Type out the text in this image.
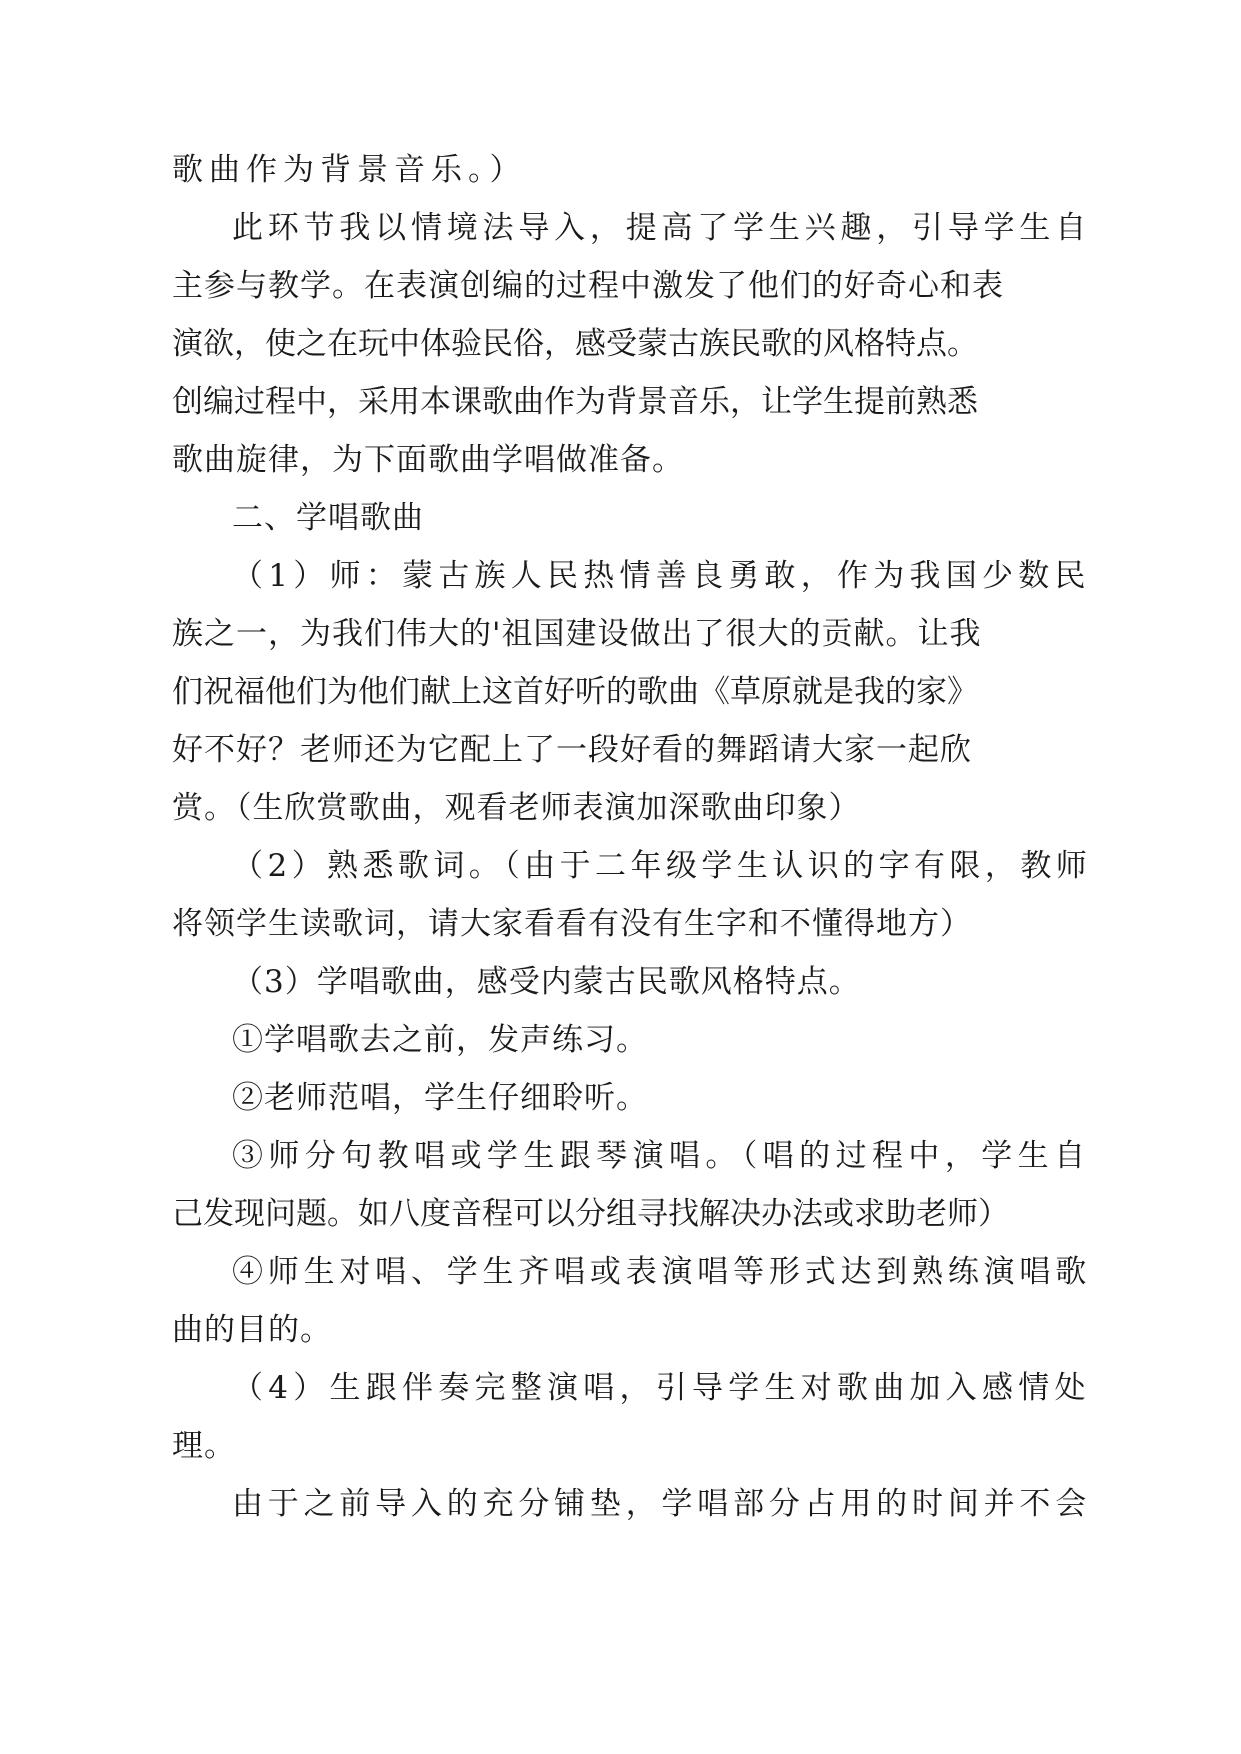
歌曲作为背景音乐。）
此环节我以情境法导入，提高了学生兴趣，引导学生自
主参与教学。在表演创编的过程中激发了他们的好奇心和表
演欲，使之在玩中体验民俗，感受蒙古族民歌的风格特点。
创编过程中，采用本课歌曲作为背景音乐，让学生提前熟悉
歌曲旋律，为下面歌曲学唱做准备。
二、学唱歌曲
（1）师：蒙古族人民热情善良勇敢，作为我国少数民
族之一，为我们伟大的'祖国建设做出了很大的贡献。让我
们祝福他们为他们献上这首好听的歌曲《草原就是我的家》
好不好？老师还为它配上了一段好看的舞蹈请大家一起欣
赏。（生欣赏歌曲，观看老师表演加深歌曲印象）
（2）熟悉歌词。（由于二年级学生认识的字有限，教师
将领学生读歌词，请大家看看有没有生字和不懂得地方）
（3）学唱歌曲，感受内蒙古民歌风格特点。
①学唱歌去之前，发声练习。
②老师范唱，学生仔细聆听。
③师分句教唱或学生跟琴演唱。（唱的过程中，学生自
己发现问题。如八度音程可以分组寻找解决办法或求助老师）
④师生对唱、学生齐唱或表演唱等形式达到熟练演唱歌
曲的目的。
（4）生跟伴奏完整演唱，引导学生对歌曲加入感情处
理。
由于之前导入的充分铺垫，学唱部分占用的时间并不会
